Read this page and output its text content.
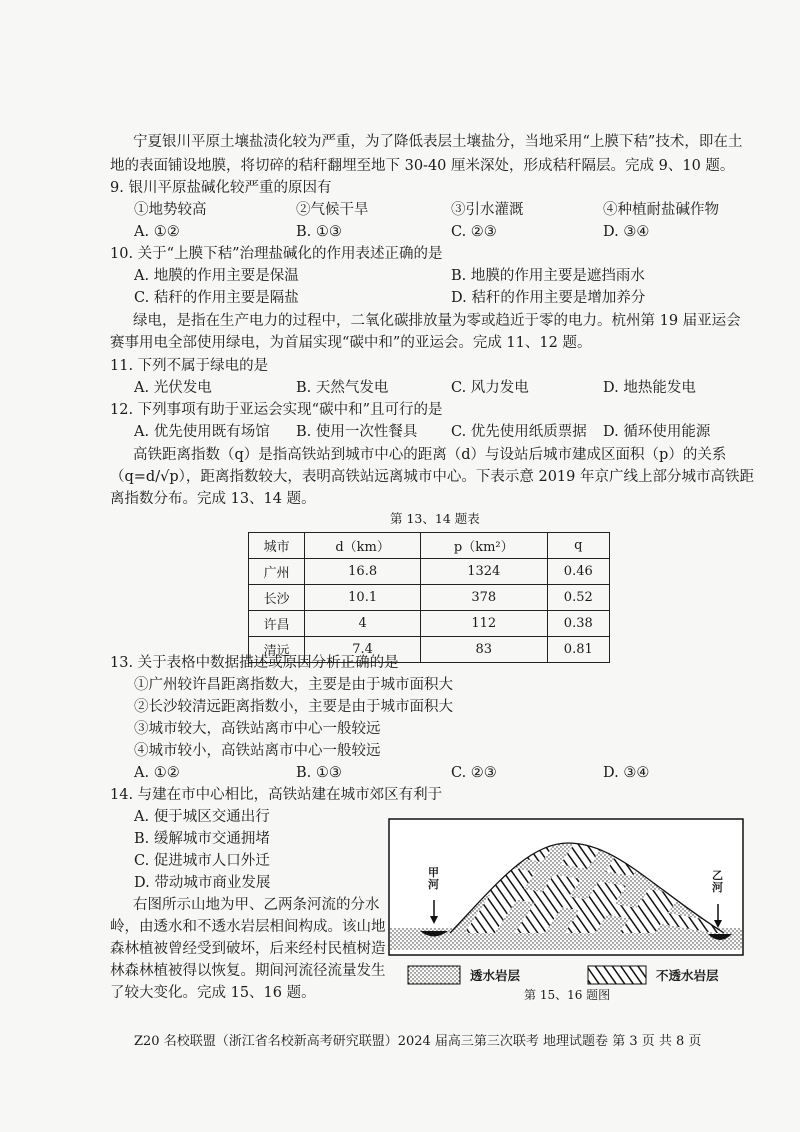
宁夏银川平原土壤盐渍化较为严重，为了降低表层土壤盐分，当地采用“上膜下秸”技术，即在土
地的表面铺设地膜，将切碎的秸秆翻埋至地下 30-40 厘米深处，形成秸秆隔层。完成 9、10 题。
9. 银川平原盐碱化较严重的原因有
①地势较高	②气候干旱	③引水灌溉	④种植耐盐碱作物
A. ①②	B. ①③	C. ②③	D. ③④
10. 关于“上膜下秸”治理盐碱化的作用表述正确的是
A. 地膜的作用主要是保温	B. 地膜的作用主要是遮挡雨水
C. 秸秆的作用主要是隔盐	D. 秸秆的作用主要是增加养分
绿电，是指在生产电力的过程中，二氧化碳排放量为零或趋近于零的电力。杭州第 19 届亚运会
赛事用电全部使用绿电，为首届实现“碳中和”的亚运会。完成 11、12 题。
11. 下列不属于绿电的是
A. 光伏发电	B. 天然气发电	C. 风力发电	D. 地热能发电
12. 下列事项有助于亚运会实现“碳中和”且可行的是
A. 优先使用既有场馆 B. 使用一次性餐具 C. 优先使用纸质票据 D. 循环使用能源
高铁距离指数（q）是指高铁站到城市中心的距离（d）与设站后城市建成区面积（p）的关系
（q=d/√p），距离指数较大，表明高铁站远离城市中心。下表示意 2019 年京广线上部分城市高铁距
离指数分布。完成 13、14 题。
第 13、14 题表
城市	d（km）	p（km²）	q
广州	16.8	1324	0.46
长沙	10.1	378	0.52
许昌	4	112	0.38
清远	7.4	83	0.81
13. 关于表格中数据描述或原因分析正确的是
①广州较许昌距离指数大，主要是由于城市面积大
②长沙较清远距离指数小，主要是由于城市面积大
③城市较大，高铁站离市中心一般较远
④城市较小，高铁站离市中心一般较远
A. ①②	B. ①③	C. ②③	D. ③④
14. 与建在市中心相比，高铁站建在城市郊区有利于
A. 便于城区交通出行
B. 缓解城市交通拥堵
C. 促进城市人口外迁
D. 带动城市商业发展
右图所示山地为甲、乙两条河流的分水
岭，由透水和不透水岩层相间构成。该山地
森林植被曾经受到破坏，后来经村民植树造
林森林植被得以恢复。期间河流径流量发生
了较大变化。完成 15、16 题。
甲河
乙河
透水岩层	不透水岩层
第 15、16 题图
Z20 名校联盟（浙江省名校新高考研究联盟）2024 届高三第三次联考 地理试题卷 第 3 页 共 8 页
